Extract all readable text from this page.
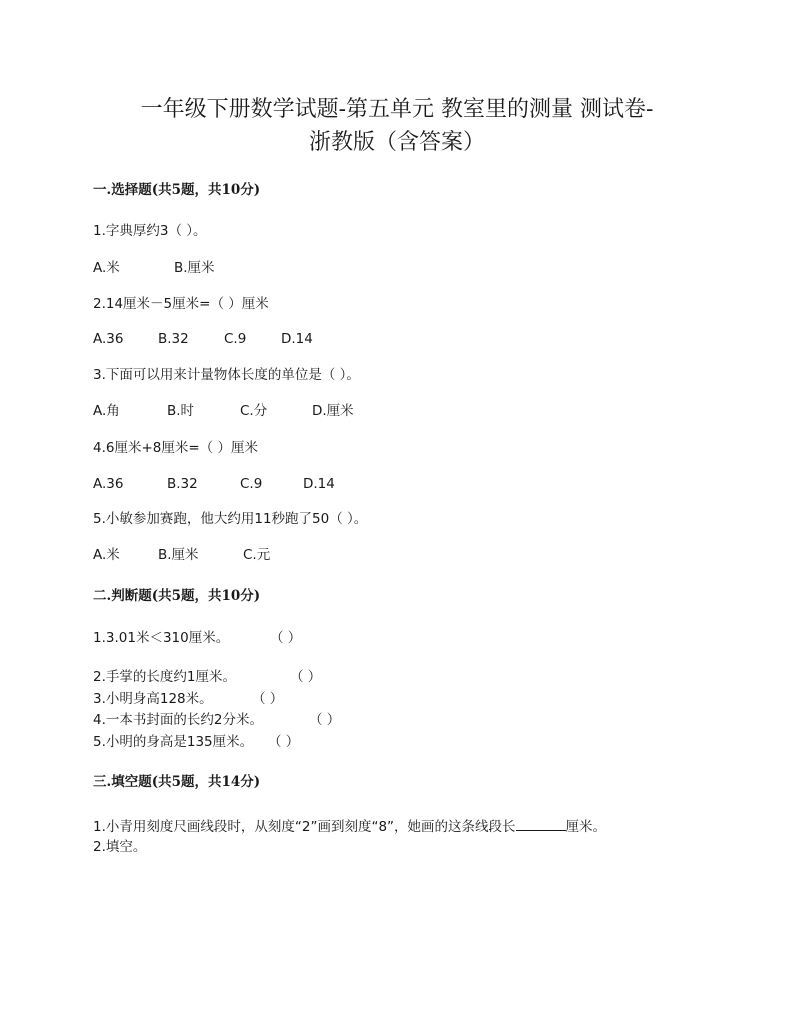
一年级下册数学试题-第五单元 教室里的测量 测试卷-
浙教版（含答案）
一.选择题(共5题，共10分)
1.字典厚约3（ ）。
A.米	B.厘米
2.14厘米－5厘米=（ ）厘米
A.36	B.32	C.9	D.14
3.下面可以用来计量物体长度的单位是（ ）。
A.角	B.时	C.分	D.厘米
4.6厘米+8厘米=（ ）厘米
A.36	B.32	C.9	D.14
5.小敏参加赛跑，他大约用11秒跑了50（ ）。
A.米	B.厘米	C.元
二.判断题(共5题，共10分)
1.3.01米＜310厘米。	（ ）
2.手掌的长度约1厘米。	（ ）
3.小明身高128米。	（ ）
4.一本书封面的长约2分米。	（ ）
5.小明的身高是135厘米。 （ ）
三.填空题(共5题，共14分)
1.小青用刻度尺画线段时，从刻度“2”画到刻度“8”，她画的这条线段长	厘米。
2.填空。
